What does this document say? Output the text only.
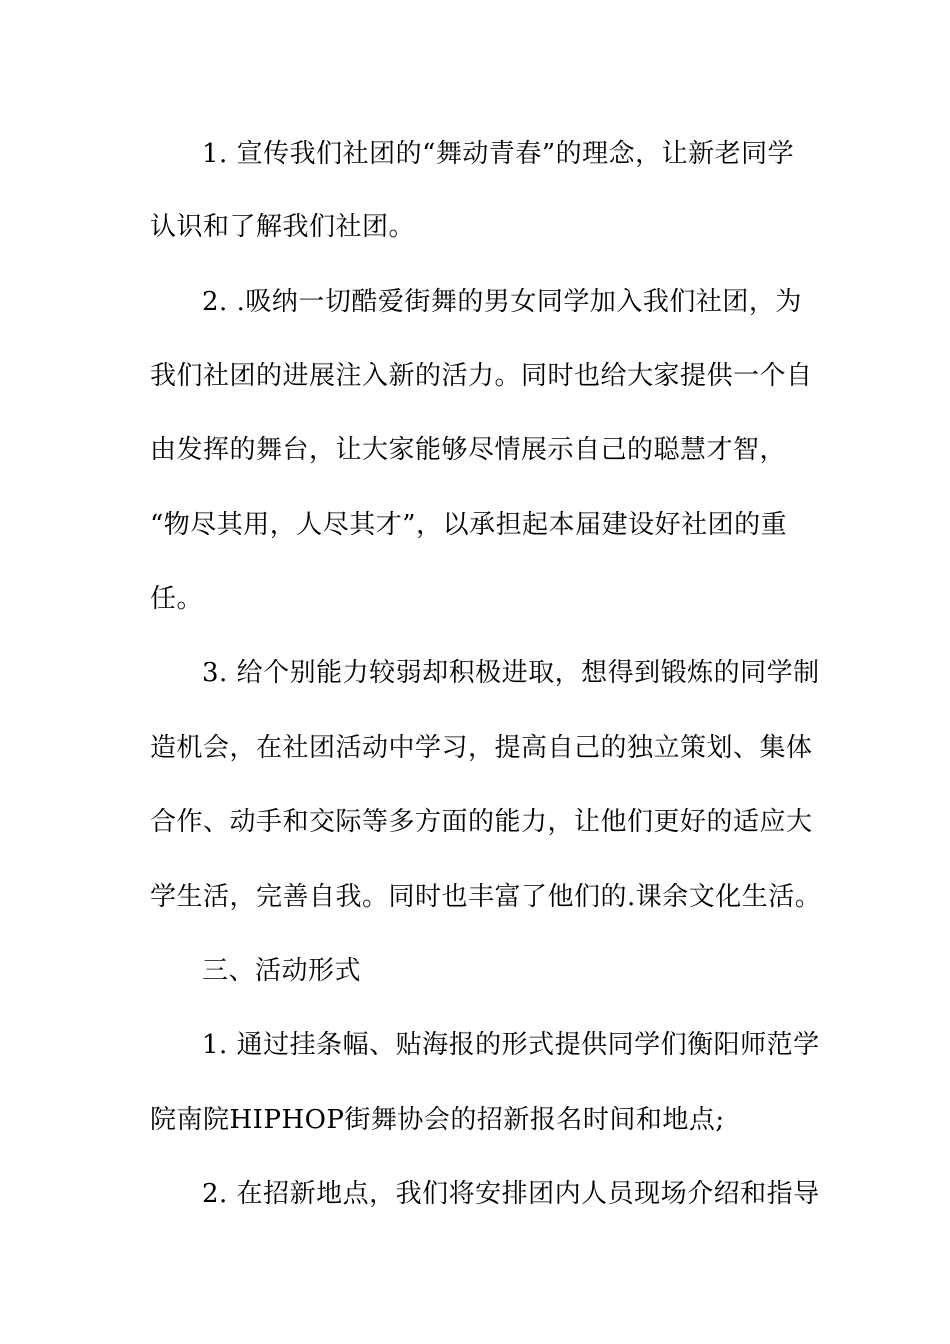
1. 宣传我们社团的“舞动青春”的理念，让新老同学
认识和了解我们社团。
2. .吸纳一切酷爱街舞的男女同学加入我们社团，为
我们社团的进展注入新的活力。同时也给大家提供一个自
由发挥的舞台，让大家能够尽情展示自己的聪慧才智，
“物尽其用，人尽其才”，以承担起本届建设好社团的重
任。
3. 给个别能力较弱却积极进取，想得到锻炼的同学制
造机会，在社团活动中学习，提高自己的独立策划、集体
合作、动手和交际等多方面的能力，让他们更好的适应大
学生活，完善自我。同时也丰富了他们的.课余文化生活。
三、活动形式
1. 通过挂条幅、贴海报的形式提供同学们衡阳师范学
院南院HIPHOP街舞协会的招新报名时间和地点;
2. 在招新地点，我们将安排团内人员现场介绍和指导
